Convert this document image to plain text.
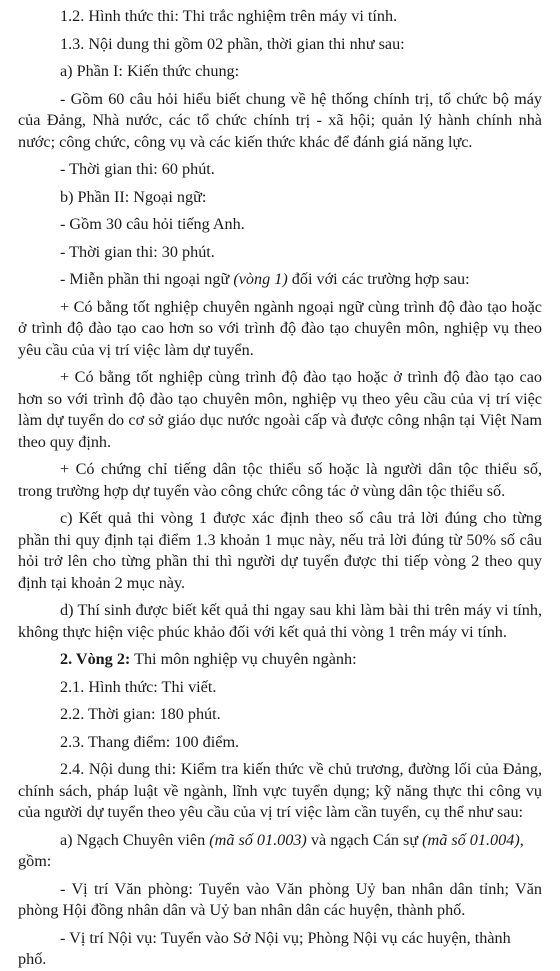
1.2. Hình thức thi: Thi trắc nghiệm trên máy vi tính.

1.3. Nội dung thi gồm 02 phần, thời gian thi như sau:

a) Phần I: Kiến thức chung:

- Gồm 60 câu hỏi hiểu biết chung về hệ thống chính trị, tổ chức bộ máy của Đảng, Nhà nước, các tổ chức chính trị - xã hội; quản lý hành chính nhà nước; công chức, công vụ và các kiến thức khác để đánh giá năng lực.

- Thời gian thi: 60 phút.

b) Phần II: Ngoại ngữ:

- Gồm 30 câu hỏi tiếng Anh.

- Thời gian thi: 30 phút.

- Miễn phần thi ngoại ngữ (vòng 1) đối với các trường hợp sau:

+ Có bằng tốt nghiệp chuyên ngành ngoại ngữ cùng trình độ đào tạo hoặc ở trình độ đào tạo cao hơn so với trình độ đào tạo chuyên môn, nghiệp vụ theo yêu cầu của vị trí việc làm dự tuyển.

+ Có bằng tốt nghiệp cùng trình độ đào tạo hoặc ở trình độ đào tạo cao hơn so với trình độ đào tạo chuyên môn, nghiệp vụ theo yêu cầu của vị trí việc làm dự tuyển do cơ sở giáo dục nước ngoài cấp và được công nhận tại Việt Nam theo quy định.

+ Có chứng chỉ tiếng dân tộc thiểu số hoặc là người dân tộc thiểu số, trong trường hợp dự tuyển vào công chức công tác ở vùng dân tộc thiểu số.

c) Kết quả thi vòng 1 được xác định theo số câu trả lời đúng cho từng phần thi quy định tại điểm 1.3 khoản 1 mục này, nếu trả lời đúng từ 50% số câu hỏi trở lên cho từng phần thi thì người dự tuyển được thi tiếp vòng 2 theo quy định tại khoản 2 mục này.

d) Thí sinh được biết kết quả thi ngay sau khi làm bài thi trên máy vi tính, không thực hiện việc phúc khảo đối với kết quả thi vòng 1 trên máy vi tính.

2. Vòng 2: Thi môn nghiệp vụ chuyên ngành:

2.1. Hình thức: Thi viết.

2.2. Thời gian: 180 phút.

2.3. Thang điểm: 100 điểm.

2.4. Nội dung thi: Kiểm tra kiến thức về chủ trương, đường lối của Đảng, chính sách, pháp luật về ngành, lĩnh vực tuyển dụng; kỹ năng thực thi công vụ của người dự tuyển theo yêu cầu của vị trí việc làm cần tuyển, cụ thể như sau:

a) Ngạch Chuyên viên (mã số 01.003) và ngạch Cán sự (mã số 01.004), gồm:

- Vị trí Văn phòng: Tuyển vào Văn phòng Uỷ ban nhân dân tỉnh; Văn phòng Hội đồng nhân dân và Uỷ ban nhân dân các huyện, thành phố.

- Vị trí Nội vụ: Tuyển vào Sở Nội vụ; Phòng Nội vụ các huyện, thành phố.
